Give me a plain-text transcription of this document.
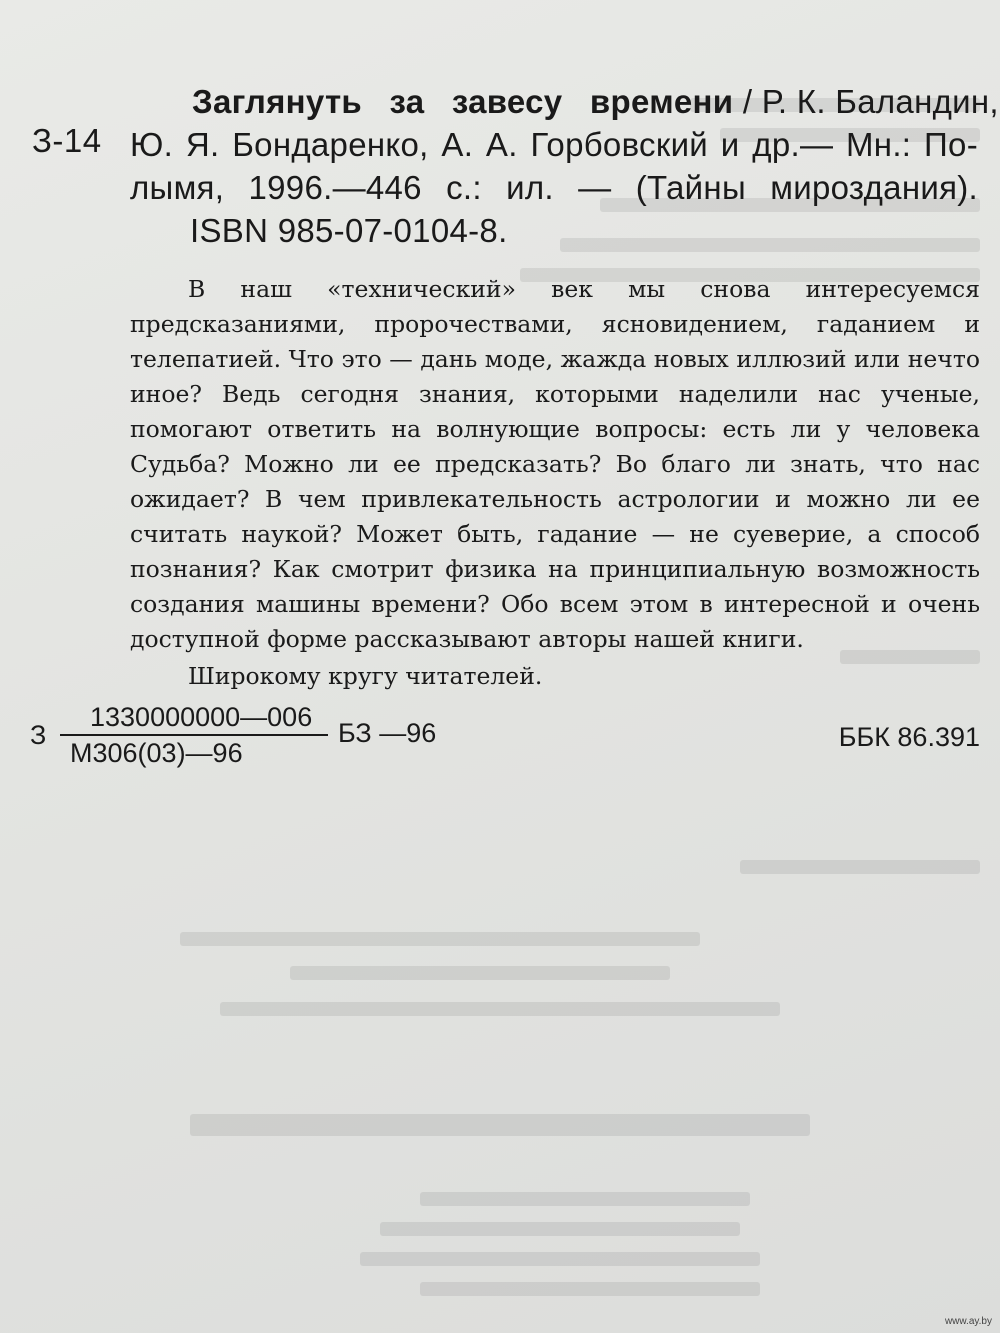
З-14
Заглянуть за завесу времени / Р. К. Баландин,
Ю. Я. Бондаренко, А. А. Горбовский и др.— Мн.: По-
лымя, 1996.—446 с.: ил. — (Тайны мироздания).
ISBN 985-07-0104-8.

В наш «технический» век мы снова интересуемся предсказаниями, пророчествами, ясновидением, гаданием и телепатией. Что это — дань моде, жажда новых иллюзий или нечто иное? Ведь сегодня знания, которыми наделили нас ученые, помогают ответить на волнующие вопросы: есть ли у человека Судьба? Можно ли ее предсказать? Во благо ли знать, что нас ожидает? В чем привлекательность астрологии и можно ли ее считать наукой? Может быть, гадание — не суеверие, а способ познания? Как смотрит физика на принципиальную возможность создания машины времени? Обо всем этом в интересной и очень доступной форме рассказывают авторы нашей книги.

Широкому кругу читателей.
З
1330000000—006
М306(03)—96
БЗ —96	ББК 86.391
www.ay.by
